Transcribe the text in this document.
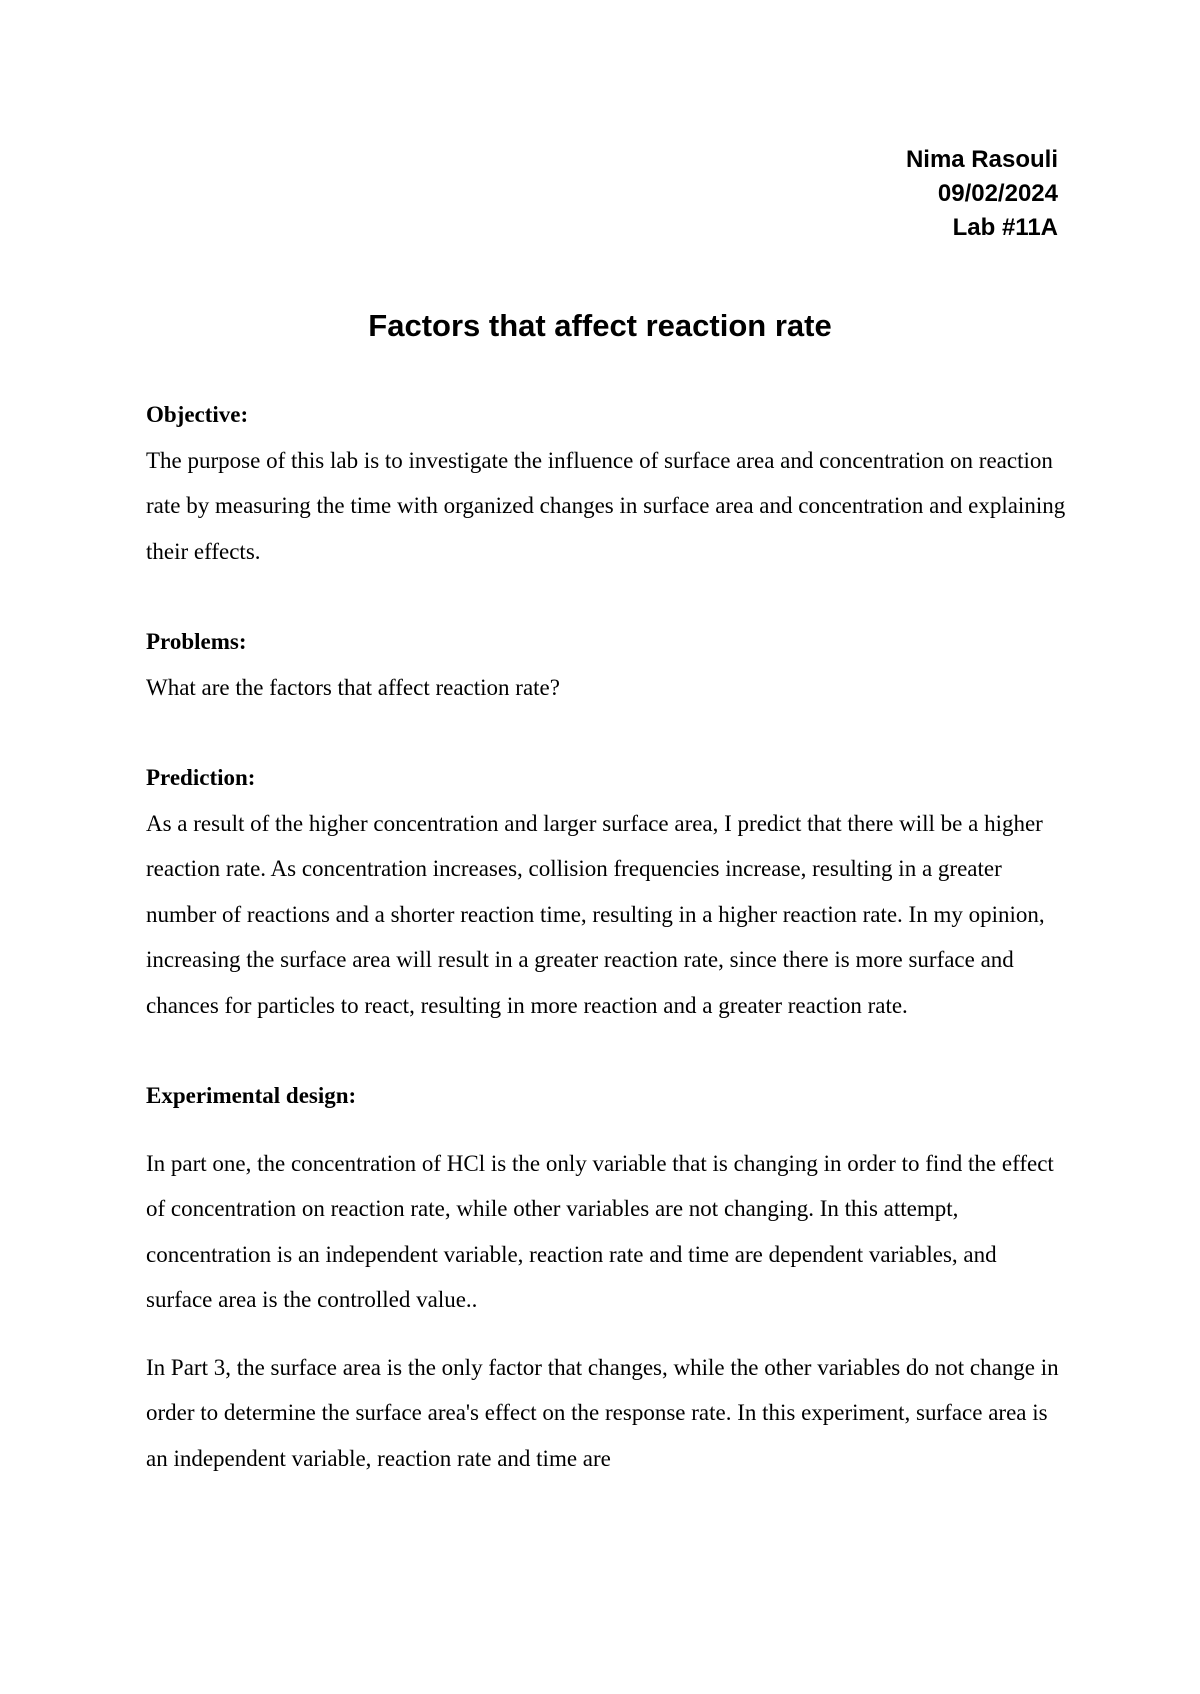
Nima Rasouli
09/02/2024
Lab #11A
Factors that affect reaction rate

Objective:

The purpose of this lab is to investigate the influence of surface area and concentration on reaction rate by measuring the time with organized changes in surface area and concentration and explaining their effects.

Problems:

What are the factors that affect reaction rate?

Prediction:

As a result of the higher concentration and larger surface area, I predict that there will be a higher reaction rate. As concentration increases, collision frequencies increase, resulting in a greater number of reactions and a shorter reaction time, resulting in a higher reaction rate. In my opinion, increasing the surface area will result in a greater reaction rate, since there is more surface and chances for particles to react, resulting in more reaction and a greater reaction rate.

Experimental design:

In part one, the concentration of HCl is the only variable that is changing in order to find the effect of concentration on reaction rate, while other variables are not changing. In this attempt, concentration is an independent variable, reaction rate and time are dependent variables, and surface area is the controlled value..

In Part 3, the surface area is the only factor that changes, while the other variables do not change in order to determine the surface area's effect on the response rate. In this experiment, surface area is an independent variable, reaction rate and time are
